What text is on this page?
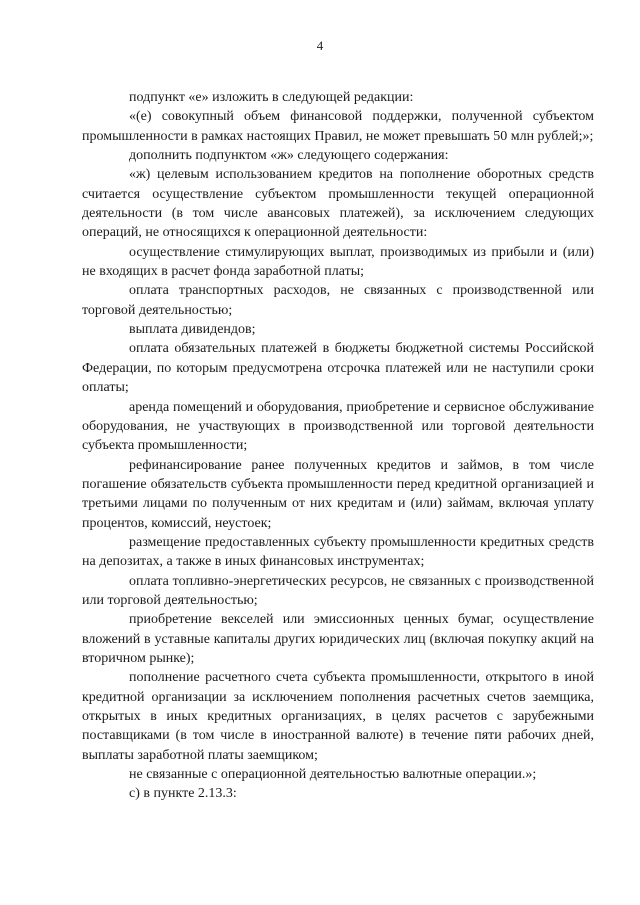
4

подпункт «е» изложить в следующей редакции:

«(е) совокупный объем финансовой поддержки, полученной субъектом промышленности в рамках настоящих Правил, не может превышать 50 млн рублей;»;

дополнить подпунктом «ж» следующего содержания:

«ж) целевым использованием кредитов на пополнение оборотных средств считается осуществление субъектом промышленности текущей операционной деятельности (в том числе авансовых платежей), за исключением следующих операций, не относящихся к операционной деятельности:

осуществление стимулирующих выплат, производимых из прибыли и (или) не входящих в расчет фонда заработной платы;

оплата транспортных расходов, не связанных с производственной или торговой деятельностью;

выплата дивидендов;

оплата обязательных платежей в бюджеты бюджетной системы Российской Федерации, по которым предусмотрена отсрочка платежей или не наступили сроки оплаты;

аренда помещений и оборудования, приобретение и сервисное обслуживание оборудования, не участвующих в производственной или торговой деятельности субъекта промышленности;

рефинансирование ранее полученных кредитов и займов, в том числе погашение обязательств субъекта промышленности перед кредитной организацией и третьими лицами по полученным от них кредитам и (или) займам, включая уплату процентов, комиссий, неустоек;

размещение предоставленных субъекту промышленности кредитных средств на депозитах, а также в иных финансовых инструментах;

оплата топливно-энергетических ресурсов, не связанных с производственной или торговой деятельностью;

приобретение векселей или эмиссионных ценных бумаг, осуществление вложений в уставные капиталы других юридических лиц (включая покупку акций на вторичном рынке);

пополнение расчетного счета субъекта промышленности, открытого в иной кредитной организации за исключением пополнения расчетных счетов заемщика, открытых в иных кредитных организациях, в целях расчетов с зарубежными поставщиками (в том числе в иностранной валюте) в течение пяти рабочих дней, выплаты заработной платы заемщиком;

не связанные с операционной деятельностью валютные операции.»;

с) в пункте 2.13.3:
